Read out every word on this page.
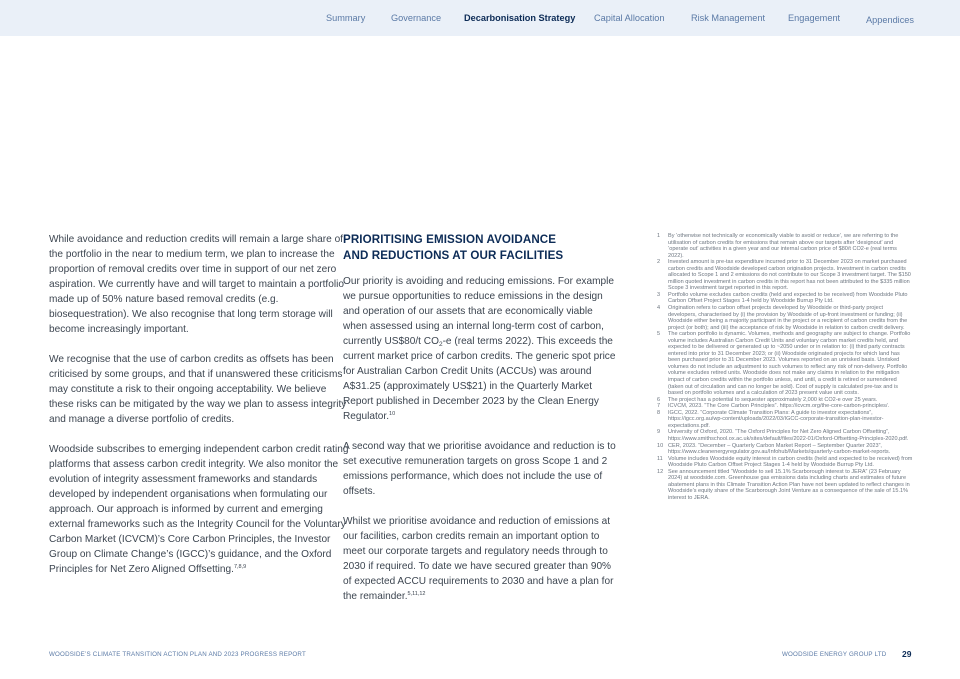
Summary	Governance Decarbonisation Strategy Capital Allocation	Risk Management Engagement	Appendices

While avoidance and reduction credits will remain a large share of the portfolio in the near to medium term, we plan to increase the proportion of removal credits over time in support of our net zero aspiration. We currently have and will target to maintain a portfolio made up of 50% nature based removal credits (e.g. biosequestration). We also recognise that long term storage will become increasingly important.

We recognise that the use of carbon credits as offsets has been criticised by some groups, and that if unanswered these criticisms may constitute a risk to their ongoing acceptability. We believe these risks can be mitigated by the way we plan to assess integrity and manage a diverse portfolio of credits.

Woodside subscribes to emerging independent carbon credit rating platforms that assess carbon credit integrity. We also monitor the evolution of integrity assessment frameworks and standards developed by independent organisations when formulating our approach. Our approach is informed by current and emerging external frameworks such as the Integrity Council for the Voluntary Carbon Market (ICVCM)’s Core Carbon Principles, the Investor Group on Climate Change’s (IGCC)’s guidance, and the Oxford Principles for Net Zero Aligned Offsetting.$^{7,8,9}$

PRIORITISING EMISSION AVOIDANCE
AND REDUCTIONS AT OUR FACILITIES

Our priority is avoiding and reducing emissions. For example we pursue opportunities to reduce emissions in the design and operation of our assets that are economically viable when assessed using an internal long-term cost of carbon, currently US$80/t $CO_2-e$ (real terms 2022). This exceeds the current market price of carbon credits. The generic spot price for Australian Carbon Credit Units (ACCUs) was around A$31.25 (approximately US$21) in the Quarterly Market Report published in December 2023 by the Clean Energy Regulator.$^{10}$

A second way that we prioritise avoidance and reduction is to set executive remuneration targets on gross Scope 1 and 2 emissions performance, which does not include the use of offsets.

Whilst we prioritise avoidance and reduction of emissions at our facilities, carbon credits remain an important option to meet our corporate targets and regulatory needs through to 2030 if required. To date we have secured greater than 90% of expected ACCU requirements to 2030 and have a plan for the remainder.$^{5,11,12}$

1	By ‘otherwise not technically or economically viable to avoid or reduce’, we are referring to the utilisation of carbon credits for emissions that remain above our targets after ‘designout’ and ‘operate out’ activities in a given year and our internal carbon price of $80/t CO2-e (real terms 2022).
2	Invested amount is pre-tax expenditure incurred prior to 31 December 2023 on market purchased carbon credits and Woodside developed carbon origination projects. Investment in carbon credits allocated to Scope 1 and 2 emissions do not contribute to our Scope 3 investment target. The $150 million quoted investment in carbon credits in this report has not been attributed to the $335 million Scope 3 investment target reported in this report.
3	Portfolio volume excludes carbon credits (held and expected to be received) from Woodside Pluto Carbon Offset Project Stages 1-4 held by Woodside Burrup Pty Ltd.
4	Origination refers to carbon offset projects developed by Woodside or third-party project developers, characterised by (i) the provision by Woodside of up-front investment or funding; (ii) Woodside either being a majority participant in the project or a recipient of carbon credits from the project (or both); and (iii) the acceptance of risk by Woodside in relation to carbon credit delivery.
5	The carbon portfolio is dynamic. Volumes, methods and geography are subject to change. Portfolio volume includes Australian Carbon Credit Units and voluntary carbon market credits held, and expected to be delivered or generated up to ~2050 under or in relation to: (i) third party contracts entered into prior to 31 December 2023; or (ii) Woodside originated projects for which land has been purchased prior to 31 December 2023. Volumes reported on an unrisked basis. Unrisked volumes do not include an adjustment to such volumes to reflect any risk of non-delivery. Portfolio volume excludes retired units. Woodside does not make any claims in relation to the mitigation impact of carbon credits within the portfolio unless, and until, a credit is retired or surrendered (taken out of circulation and can no longer be sold). Cost of supply is calculated pre-tax and is based on portfolio volumes and a calculation of 2023 present value unit costs.
6	The project has a potential to sequester approximately 2,000 kt CO2-e over 25 years.
7	ICVCM, 2023. “The Core Carbon Principles”. https://icvcm.org/the-core-carbon-principles/.
8	IGCC, 2022. “Corporate Climate Transition Plans: A guide to investor expectations”, https://igcc.org.au/wp-content/uploads/2022/03/IGCC-corporate-transition-plan-investor-expectations.pdf.
9	University of Oxford, 2020. “The Oxford Principles for Net Zero Aligned Carbon Offsetting”, https://www.smithschool.ox.ac.uk/sites/default/files/2022-01/Oxford-Offsetting-Principles-2020.pdf.
10 CER, 2023. “December – Quarterly Carbon Market Report – September Quarter 2023”, https://www.cleanenergyregulator.gov.au/Infohub/Markets/quarterly-carbon-market-reports.
11 Volume includes Woodside equity interest in carbon credits (held and expected to be received) from Woodside Pluto Carbon Offset Project Stages 1-4 held by Woodside Burrup Pty Ltd.
12 See announcement titled “Woodside to sell 15.1% Scarborough interest to JERA” (23 February 2024) at woodside.com. Greenhouse gas emissions data including charts and estimates of future abatement plans in this Climate Transition Action Plan have not been updated to reflect changes in Woodside’s equity share of the Scarborough Joint Venture as a consequence of the sale of 15.1% interest to JERA.
WOODSIDE’S CLIMATE TRANSITION ACTION PLAN AND 2023 PROGRESS REPORT	WOODSIDE ENERGY GROUP LTD 29
